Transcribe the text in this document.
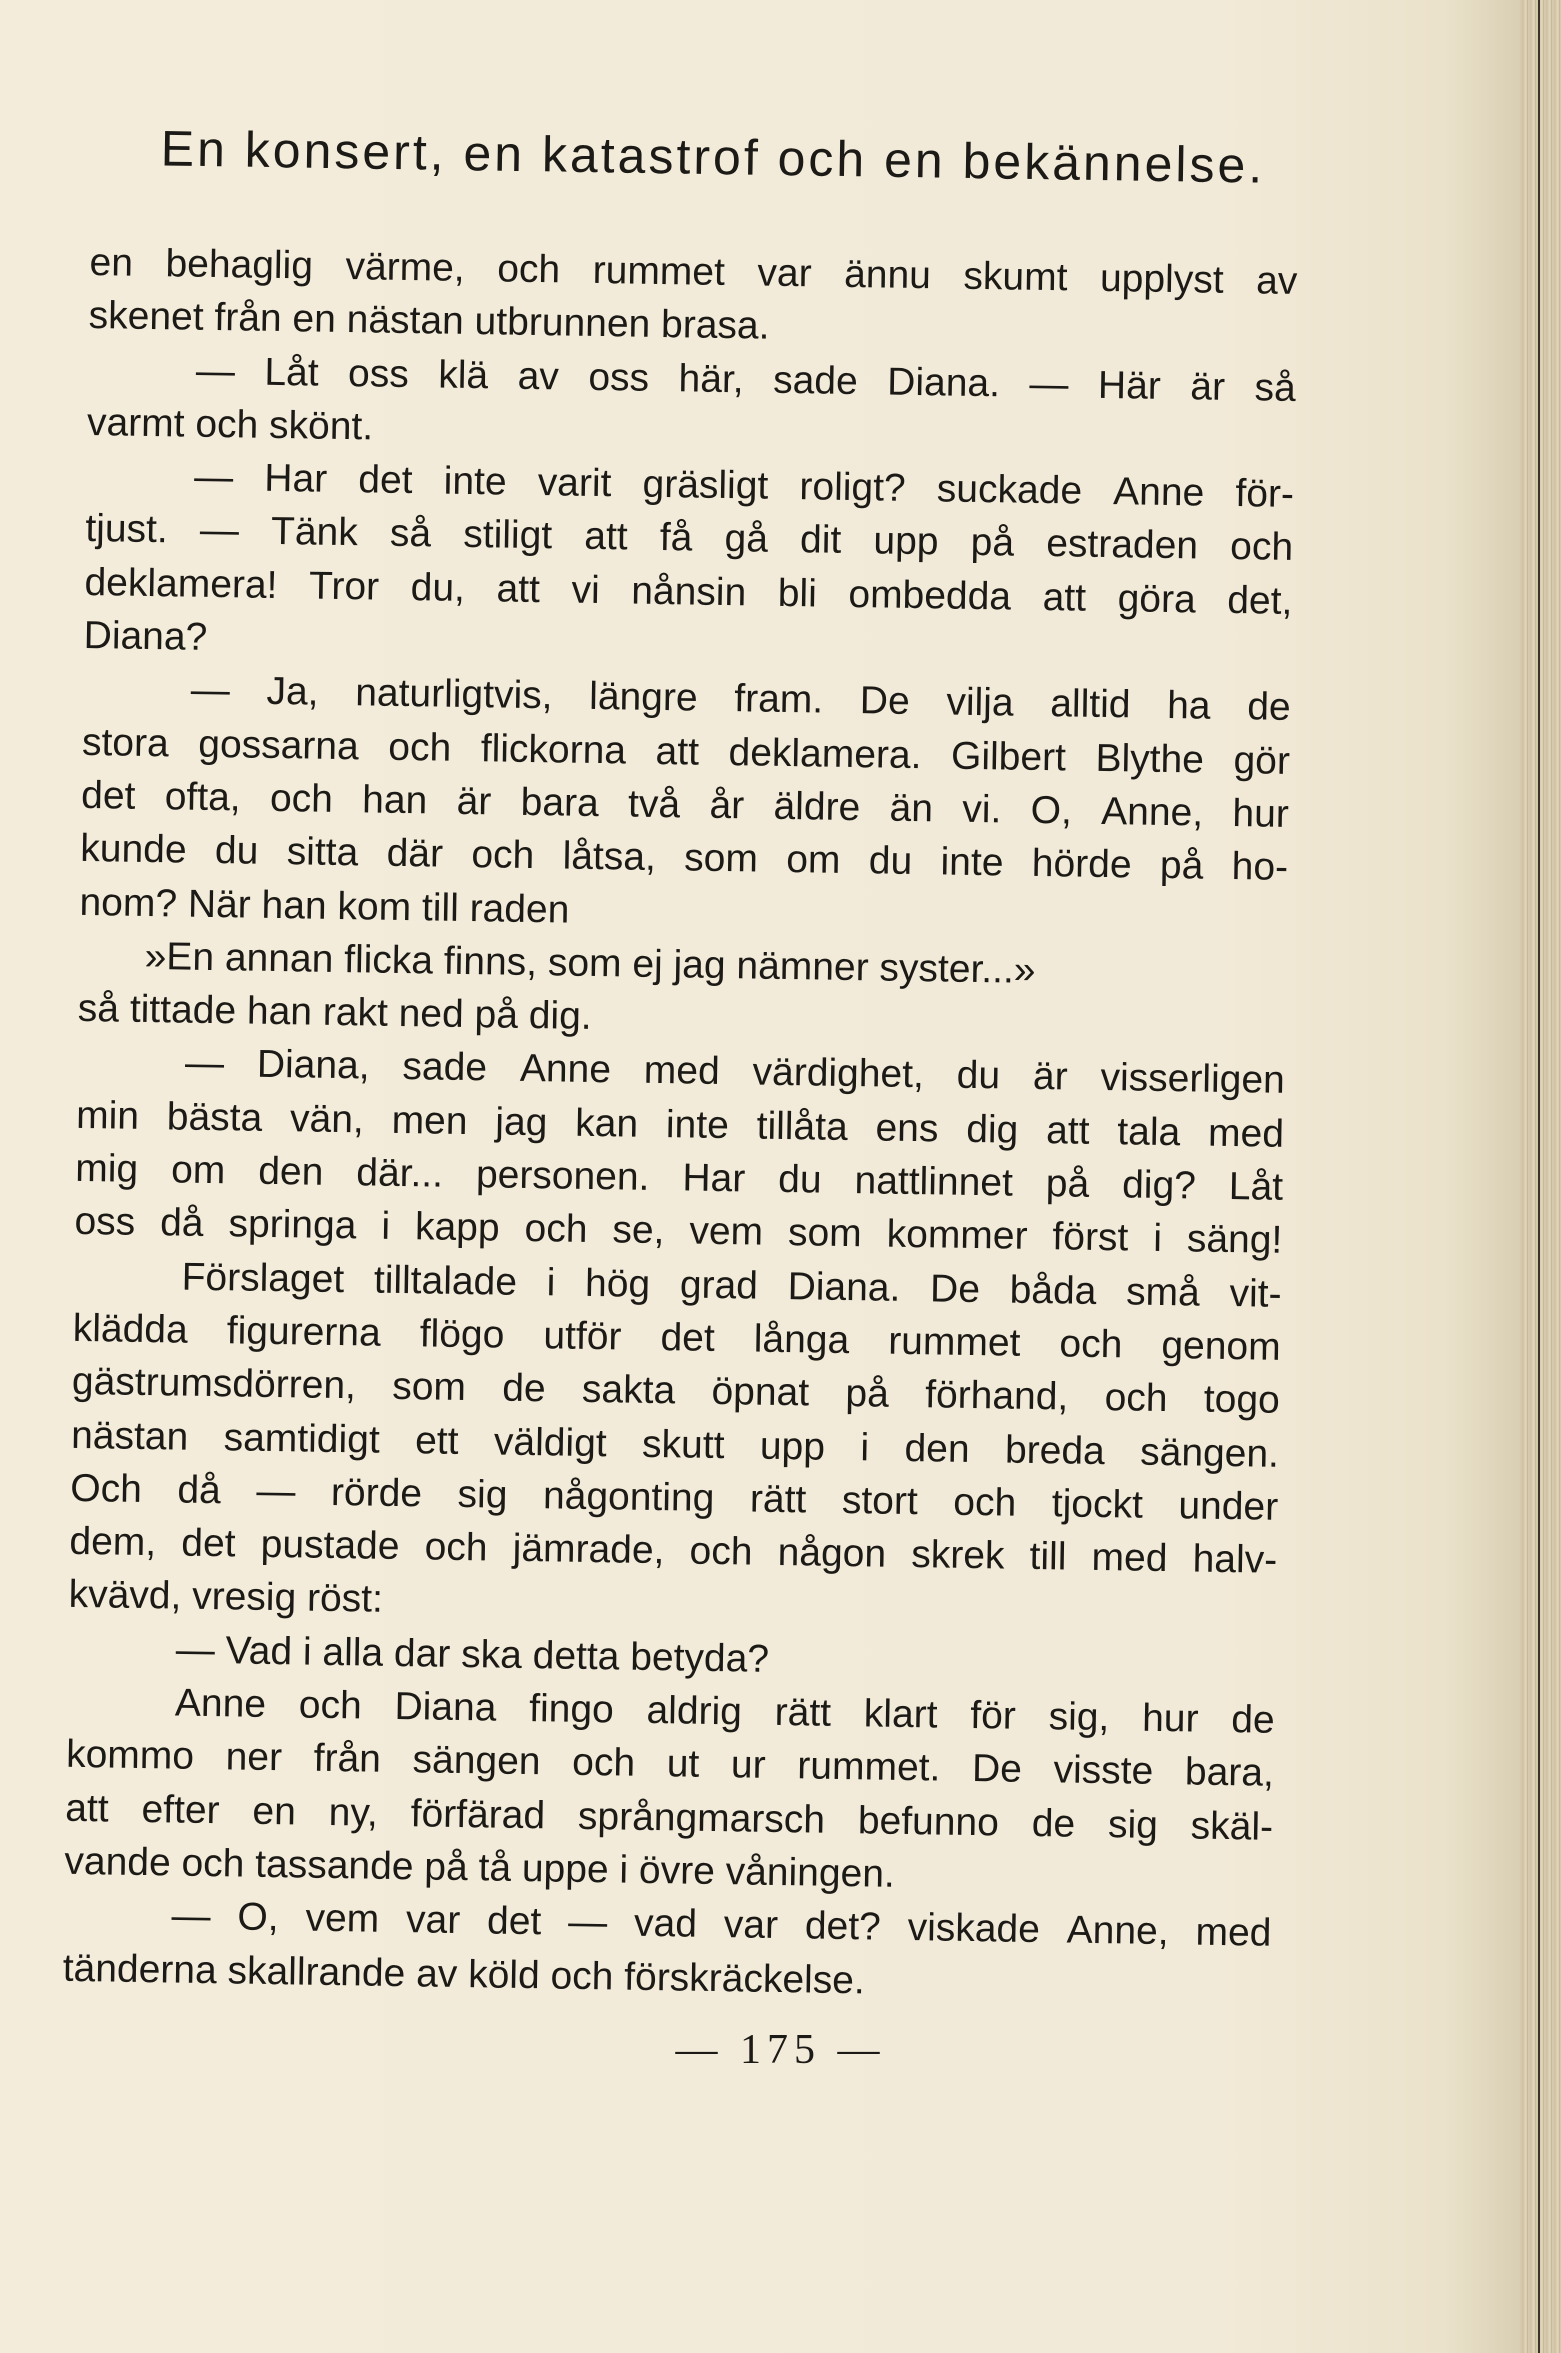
En konsert, en katastrof och en bekännelse.
en behaglig värme, och rummet var ännu skumt upplyst av
skenet från en nästan utbrunnen brasa.
— Låt oss klä av oss här, sade Diana. — Här är så
varmt och skönt.
— Har det inte varit gräsligt roligt? suckade Anne för-
tjust. — Tänk så stiligt att få gå dit upp på estraden och
deklamera! Tror du, att vi nånsin bli ombedda att göra det,
Diana?
— Ja, naturligtvis, längre fram. De vilja alltid ha de
stora gossarna och flickorna att deklamera. Gilbert Blythe gör
det ofta, och han är bara två år äldre än vi. O, Anne, hur
kunde du sitta där och låtsa, som om du inte hörde på ho-
nom? När han kom till raden
»En annan flicka finns, som ej jag nämner syster...»
så tittade han rakt ned på dig.
— Diana, sade Anne med värdighet, du är visserligen
min bästa vän, men jag kan inte tillåta ens dig att tala med
mig om den där... personen. Har du nattlinnet på dig? Låt
oss då springa i kapp och se, vem som kommer först i säng!
Förslaget tilltalade i hög grad Diana. De båda små vit-
klädda figurerna flögo utför det långa rummet och genom
gästrumsdörren, som de sakta öpnat på förhand, och togo
nästan samtidigt ett väldigt skutt upp i den breda sängen.
Och då — rörde sig någonting rätt stort och tjockt under
dem, det pustade och jämrade, och någon skrek till med halv-
kvävd, vresig röst:
— Vad i alla dar ska detta betyda?
Anne och Diana fingo aldrig rätt klart för sig, hur de
kommo ner från sängen och ut ur rummet. De visste bara,
att efter en ny, förfärad språngmarsch befunno de sig skäl-
vande och tassande på tå uppe i övre våningen.
— O, vem var det — vad var det? viskade Anne, med
tänderna skallrande av köld och förskräckelse.
— 175 —
